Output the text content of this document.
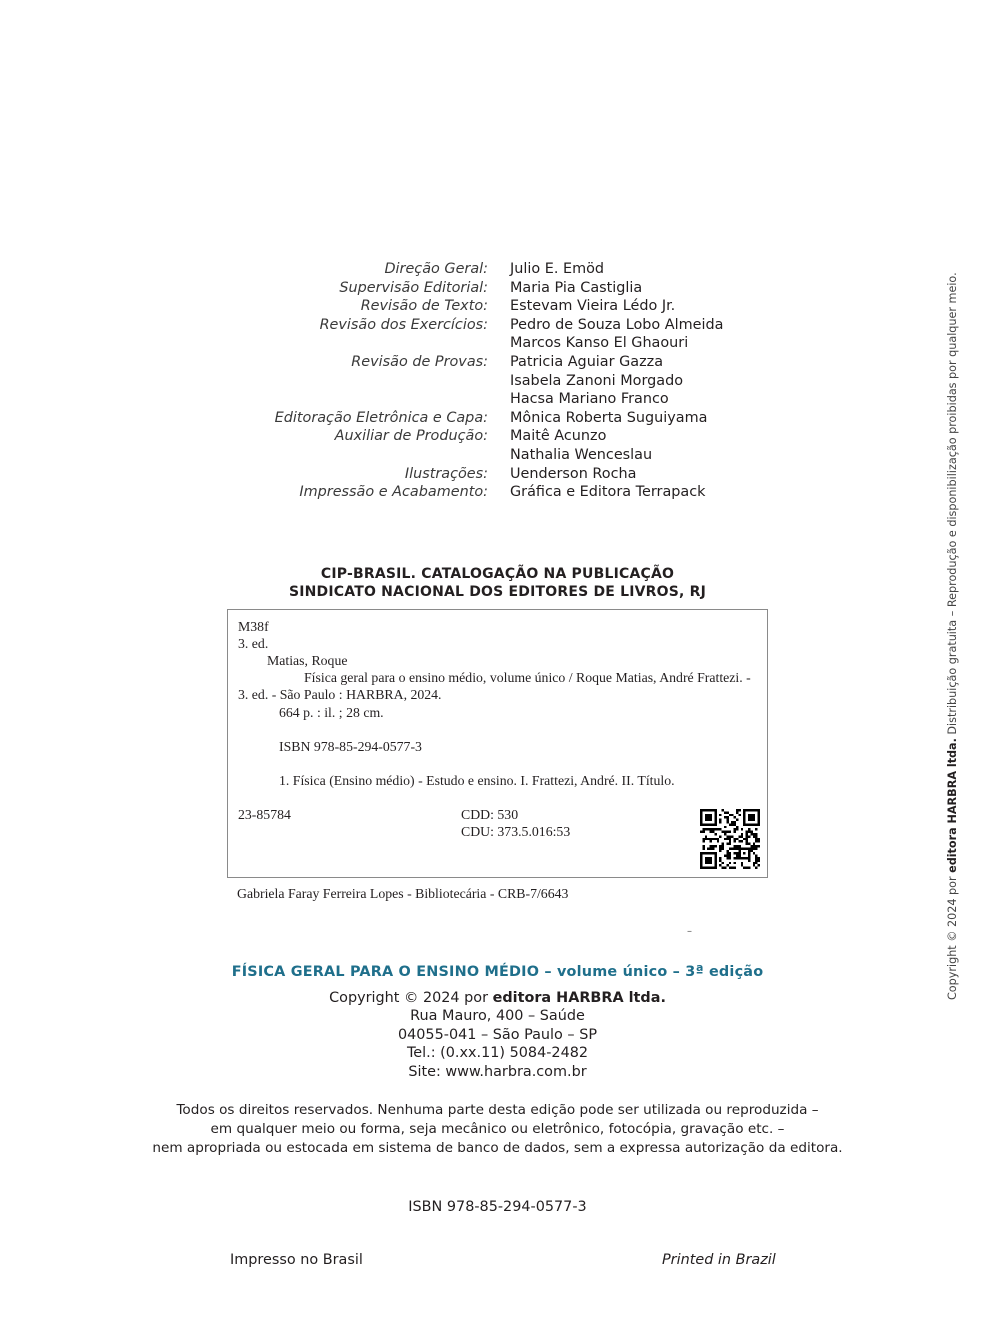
Direção Geral: Julio E. Emöd
Supervisão Editorial: Maria Pia Castiglia
Revisão de Texto: Estevam Vieira Lédo Jr.
Revisão dos Exercícios: Pedro de Souza Lobo Almeida
Marcos Kanso El Ghaouri
Revisão de Provas: Patricia Aguiar Gazza
Isabela Zanoni Morgado
Hacsa Mariano Franco
Editoração Eletrônica e Capa: Mônica Roberta Suguiyama
Auxiliar de Produção: Maitê Acunzo
Nathalia Wenceslau
Ilustrações: Uenderson Rocha
Impressão e Acabamento: Gráfica e Editora Terrapack
CIP-BRASIL. CATALOGAÇÃO NA PUBLICAÇÃO
SINDICATO NACIONAL DOS EDITORES DE LIVROS, RJ
M38f
3. ed.
Matias, Roque
Física geral para o ensino médio, volume único / Roque Matias, André Frattezi. -
3. ed. - São Paulo : HARBRA, 2024.
664 p. : il. ; 28 cm.
ISBN 978-85-294-0577-3
1. Física (Ensino médio) - Estudo e ensino. I. Frattezi, André. II. Título.
23-85784	CDD: 530
CDU: 373.5.016:53
Gabriela Faray Ferreira Lopes - Bibliotecária - CRB-7/6643
–
FÍSICA GERAL PARA O ENSINO MÉDIO – volume único – 3ª edição
Copyright © 2024 por editora HARBRA ltda.
Rua Mauro, 400 – Saúde
04055-041 – São Paulo – SP
Tel.: (0.xx.11) 5084-2482
Site: www.harbra.com.br
Todos os direitos reservados. Nenhuma parte desta edição pode ser utilizada ou reproduzida –
em qualquer meio ou forma, seja mecânico ou eletrônico, fotocópia, gravação etc. –
nem apropriada ou estocada em sistema de banco de dados, sem a expressa autorização da editora.
ISBN 978-85-294-0577-3
Impresso no Brasil	Printed in Brazil
Copyright © 2024 por editora HARBRA ltda. Distribuição gratuita – Reprodução e disponibilização proibidas por qualquer meio.
